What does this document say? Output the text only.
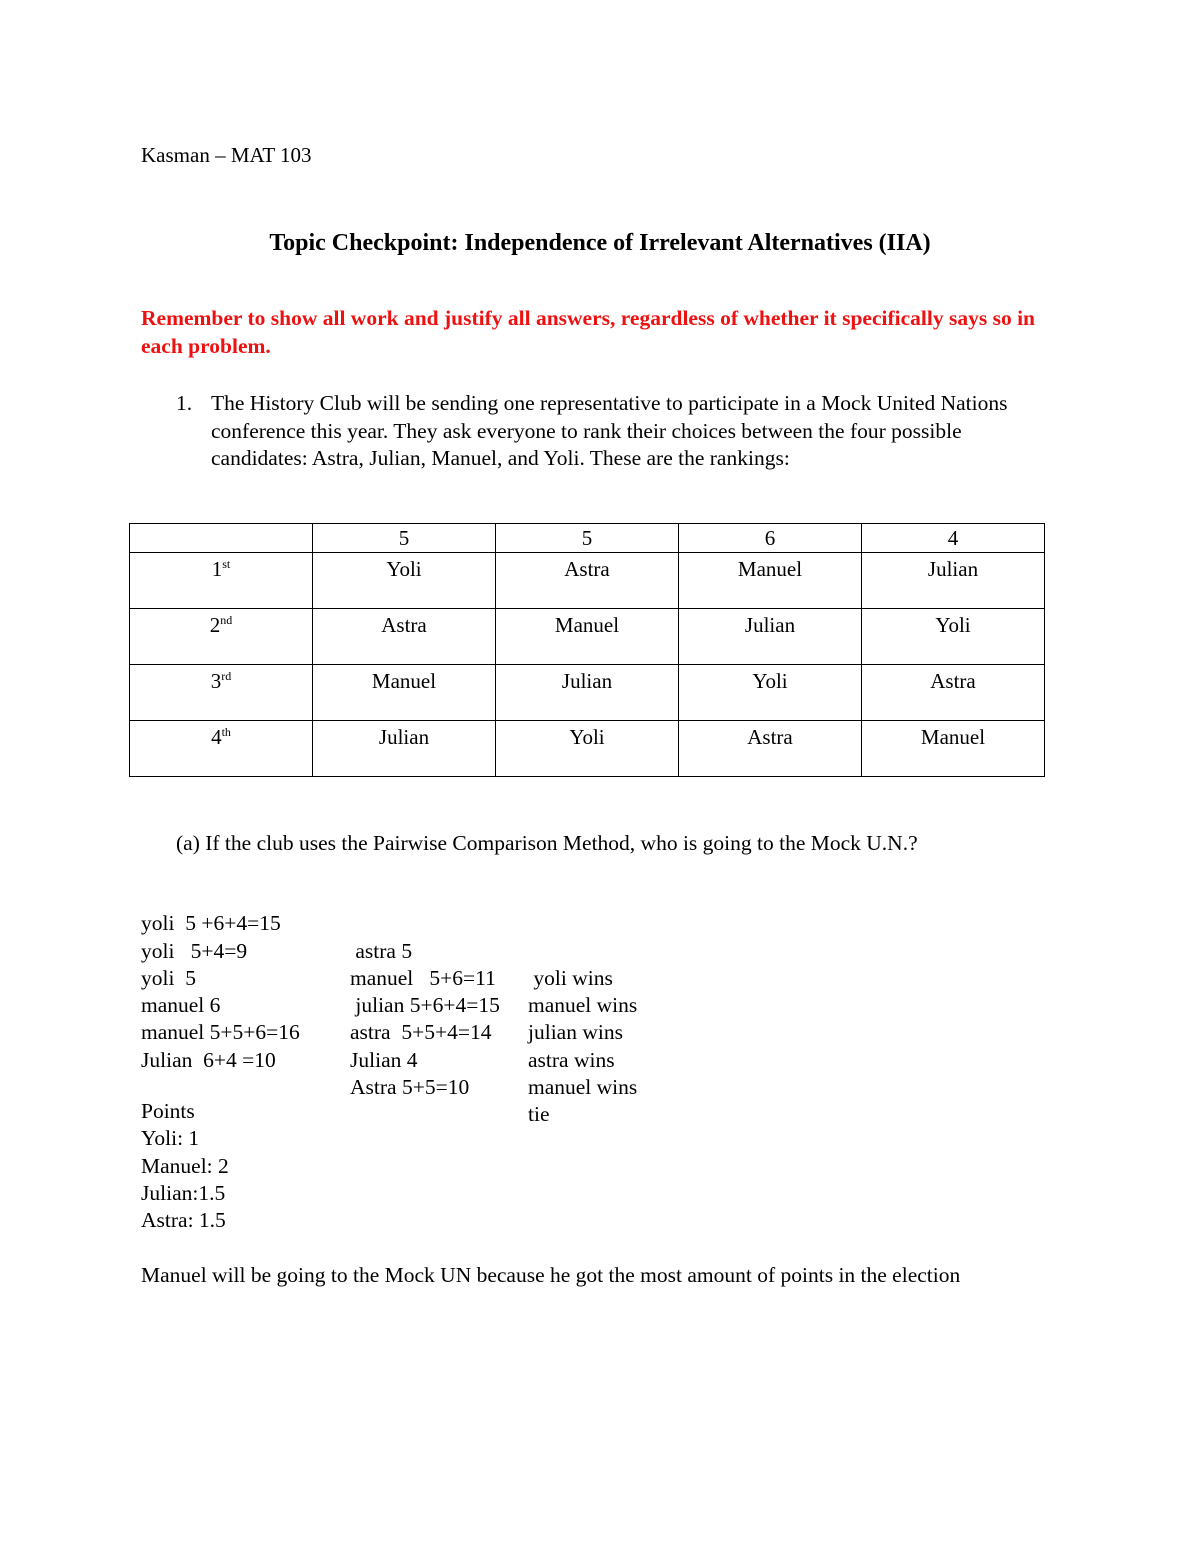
Kasman – MAT 103
Topic Checkpoint: Independence of Irrelevant Alternatives (IIA)
Remember to show all work and justify all answers, regardless of whether it specifically says so in each problem.
1. The History Club will be sending one representative to participate in a Mock United Nations conference this year. They ask everyone to rank their choices between the four possible candidates: Astra, Julian, Manuel, and Yoli. These are the rankings:
	5	5	6	4
1st	Yoli	Astra	Manuel	Julian
2nd	Astra	Manuel	Julian	Yoli
3rd	Manuel	Julian	Yoli	Astra
4th	Julian	Yoli	Astra	Manuel
(a) If the club uses the Pairwise Comparison Method, who is going to the Mock U.N.?

yoli  5 +6+4=15

astra 5

yoli wins

yoli   5+4=9

manuel   5+6=11

manuel wins

yoli  5

julian 5+6+4=15

julian wins

manuel 6

astra  5+5+4=14

astra wins

manuel 5+5+6=16

Julian 4

manuel wins

Julian  6+4 =10

Astra 5+5=10

tie

Points
Yoli: 1
Manuel: 2
Julian:1.5
Astra: 1.5
Manuel will be going to the Mock UN because he got the most amount of points in the election
